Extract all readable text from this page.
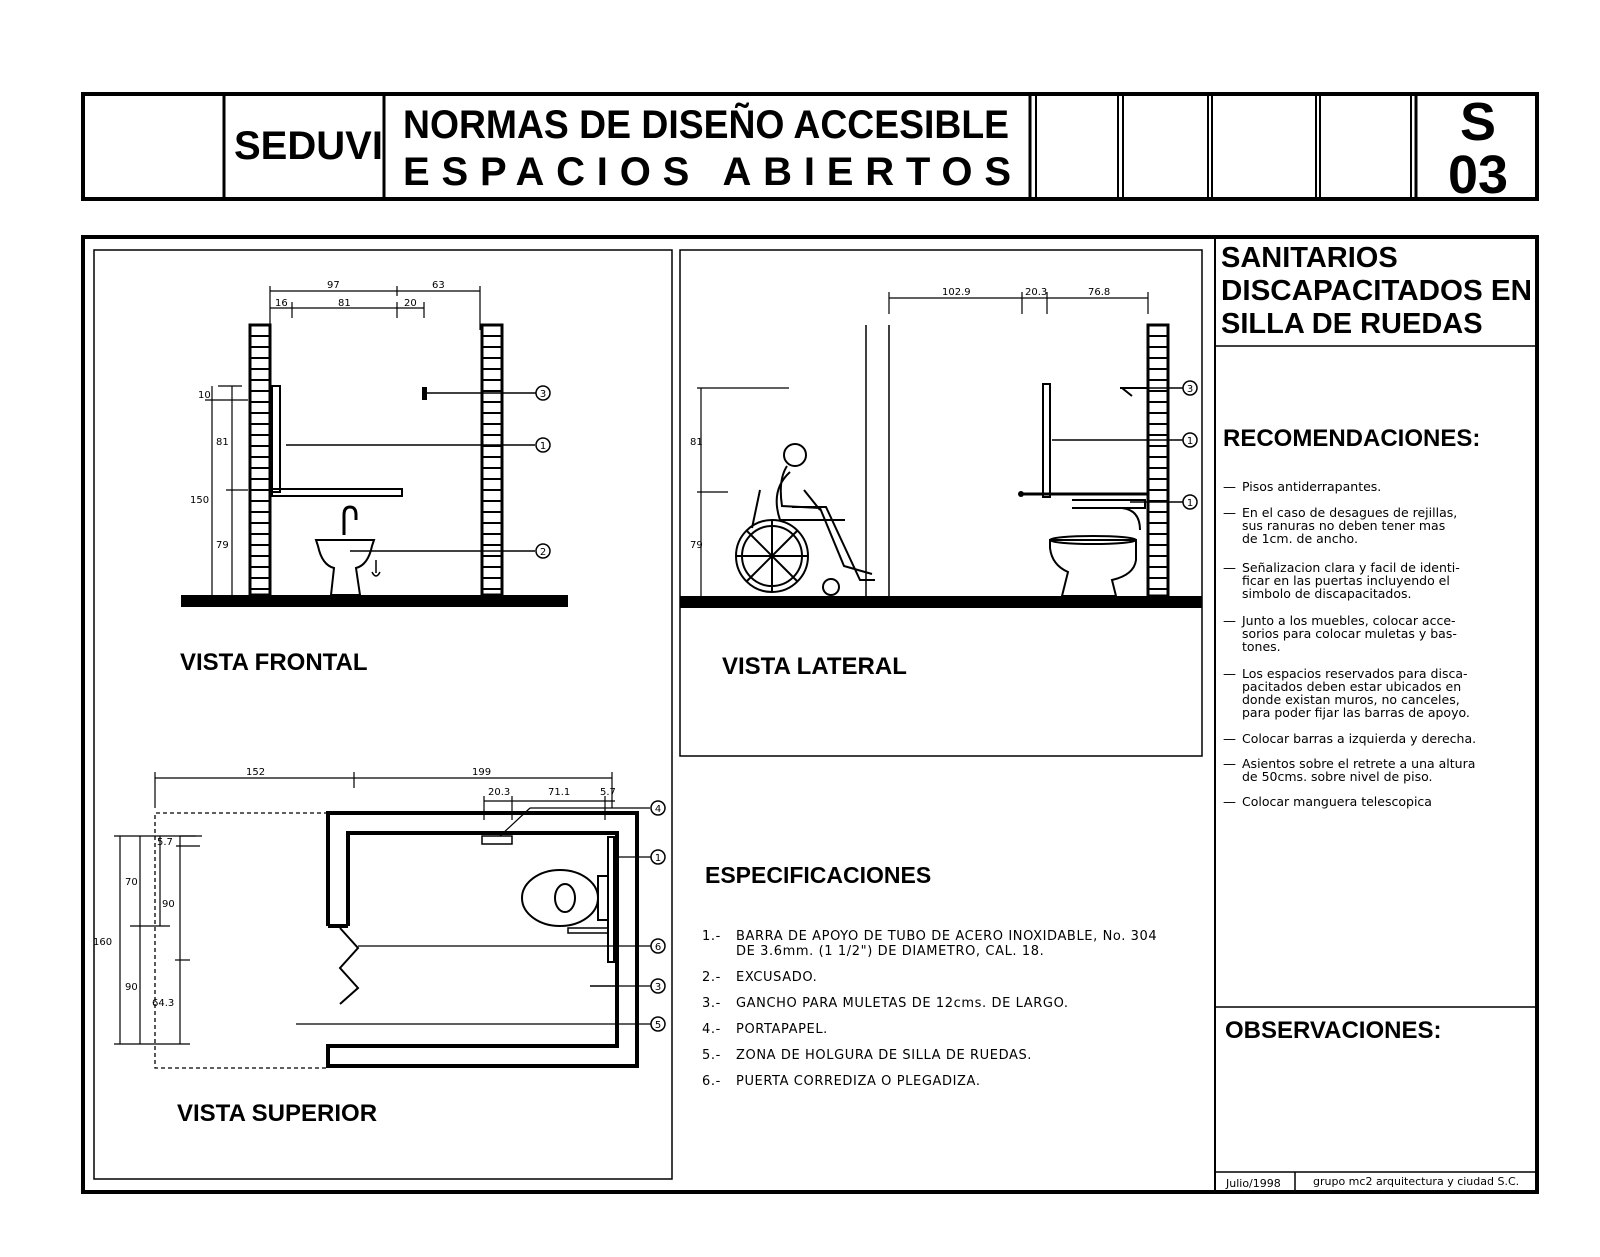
SEDUVI NORMAS DE DISEÑO ACCESIBLE
ESPACIOS ABIERTOS
S
03
97	63
16	81	20
10
81
150
79
3
1
2
VISTA FRONTAL
102.9	20.3	76.8
81
79
3
1
1
VISTA LATERAL
152	199
20.3	71.1	5.7
5.7
70
90
160
90
64.3
4
1
6
3
5
VISTA SUPERIOR
ESPECIFICACIONES
1.- BARRA DE APOYO DE TUBO DE ACERO INOXIDABLE, No. 304
DE 3.6mm. (1 1/2") DE DIAMETRO, CAL. 18.
2.- EXCUSADO.
3.- GANCHO PARA MULETAS DE 12cms. DE LARGO.
4.- PORTAPAPEL.
5.- ZONA DE HOLGURA DE SILLA DE RUEDAS.
6.- PUERTA CORREDIZA O PLEGADIZA.
SANITARIOS
DISCAPACITADOS EN
SILLA DE RUEDAS
RECOMENDACIONES:
— Pisos antiderrapantes.
— En el caso de desagues de rejillas,
sus ranuras no deben tener mas
de 1cm. de ancho.
— Señalizacion clara y facil de identi-
ficar en las puertas incluyendo el
simbolo de discapacitados.
— Junto a los muebles, colocar acce-
sorios para colocar muletas y bas-
tones.
— Los espacios reservados para disca-
pacitados deben estar ubicados en
donde existan muros, no canceles,
para poder fijar las barras de apoyo.
— Colocar barras a izquierda y derecha.
— Asientos sobre el retrete a una altura
de 50cms. sobre nivel de piso.
— Colocar manguera telescopica
OBSERVACIONES:
Julio/1998	grupo mc2 arquitectura y ciudad S.C.
